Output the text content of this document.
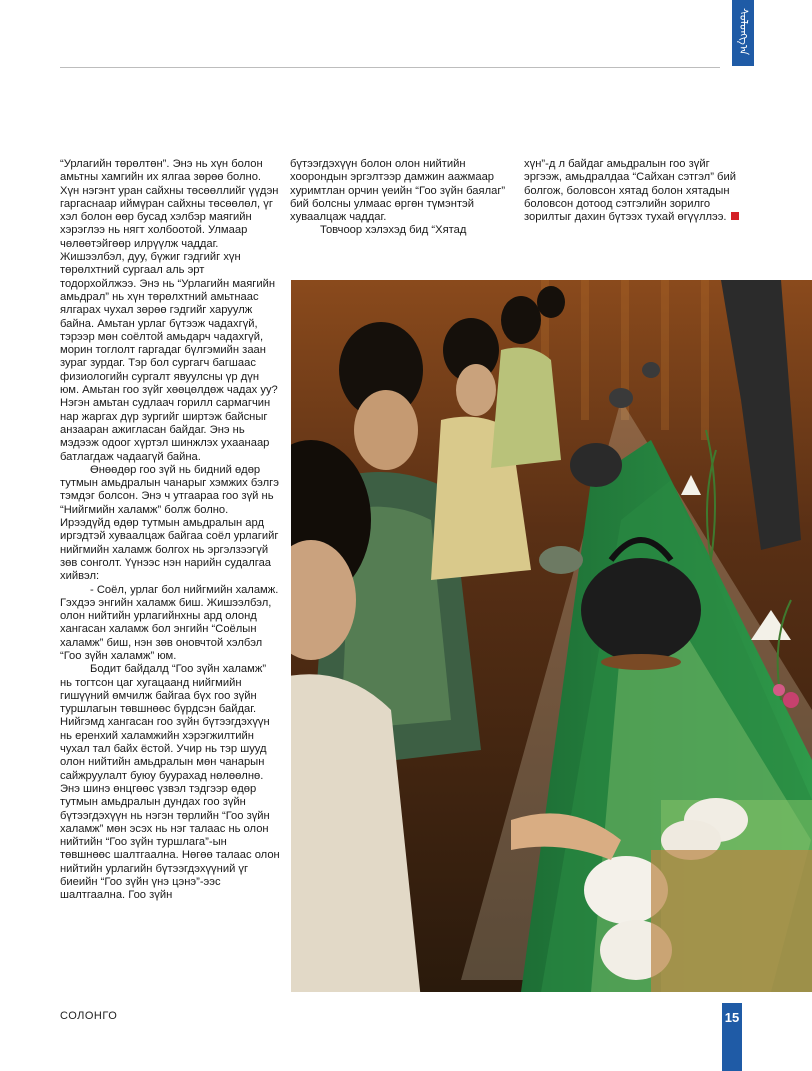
ᠰᠣᠯᠣᠩᠭ᠎ᠠ

“Урлагийн төрөлтөн”. Энэ нь хүн болон амьтны хамгийн их ялгаа зөрөө болно. Хүн нэгэнт уран сайхны төсөөллийг үүдэн гаргаснаар иймүран сайхны төсөөлөл, үг хэл болон өөр бусад хэлбэр маягийн хэрэглээ нь нягт холбоотой. Улмаар чөлөөтэйгөөр илрүүлж чаддаг. Жишээлбэл, дуу, бүжиг гэдгийг хүн төрөлхтний сургаал аль эрт тодорхойлжээ. Энэ нь “Урлагийн маягийн амьдрал” нь хүн төрөлхтний амьтнаас ялгарах чухал зөрөө гэдгийг харуулж байна. Амьтан урлаг бүтээж чадахгүй, тэрээр мөн соёлтой амьдарч чадахгүй, морин тоглолт гаргадаг бүлгэмийн заан зураг зурдаг. Тэр бол сургагч багшаас физиологийн сургалт явуулсны үр дүн юм. Амьтан гоо зүйг хөөцөлдөж чадах уу? Нэгэн амьтан судлаач горилл сармагчин нар жаргах дүр зургийг ширтэж байсныг анзааран ажигласан байдаг. Энэ нь мэдээж одоог хүртэл шинжлэх ухаанаар батлагдаж чадаагүй байна.

Өнөөдөр гоо зүй нь бидний өдөр тутмын амьдралын чанарыг хэмжих бэлгэ тэмдэг болсон. Энэ ч утгаараа гоо зүй нь “Нийгмийн халамж” болж болно. Ирээдүйд өдөр тутмын амьдралын ард иргэдтэй хуваалцаж байгаа соёл урлагийг нийгмийн халамж болгох нь эргэлзээгүй зөв сонголт. Үүнээс нэн нарийн судалгаа хийвэл:

- Соёл, урлаг бол нийгмийн халамж. Гэхдээ энгийн халамж биш. Жишээлбэл, олон нийтийн урлагийнхны ард олонд хангасан халамж бол энгийн “Соёлын халамж” биш, нэн зөв оновчтой хэлбэл “Гоо зүйн халамж” юм.

Бодит байдалд “Гоо зүйн халамж” нь тогтсон цаг хугацаанд нийгмийн гишүүний өмчилж байгаа бүх гоо зүйн туршлагын төвшнөөс бүрдсэн байдаг. Нийгэмд хангасан гоо зүйн бүтээгдэхүүн нь еренхий халамжийн хэрэгжилтийн чухал тал байх ёстой. Учир нь тэр шууд олон нийтийн амьдралын мөн чанарын сайжруулалт буюу буурахад нөлөөлнө. Энэ шинэ өнцгөөс үзвэл тэдгээр өдөр тутмын амьдралын дундах гоо зүйн бүтээгдэхүүн нь нэгэн төрлийн “Гоо зүйн халамж” мөн эсэх нь нэг талаас нь олон нийтийн “Гоо зүйн туршлага”-ын төвшнөөс шалтгаална. Нөгөө талаас олон нийтийн урлагийн бүтээгдэхүүний үг биеийн “Гоо зүйн үнэ цэнэ”-ээс шалтгаална. Гоо зүйн

бүтээгдэхүүн болон олон нийтийн хоорондын эргэлтээр дамжин аажмаар хуримтлан орчин үеийн “Гоо зүйн баялаг” бий болсны улмаас өргөн түмэнтэй хуваалцаж чаддаг.

Товчоор хэлэхэд бид “Хятад

хүн”-д л байдаг амьдралын гоо зүйг эргээж, амьдралдаа “Сайхан сэтгэл” бий болгож, боловсон хятад болон хятадын боловсон дотоод сэтгэлийн зорилго зорилтыг дахин бүтээх тухай өгүүллээ.

СОЛОНГО	15
